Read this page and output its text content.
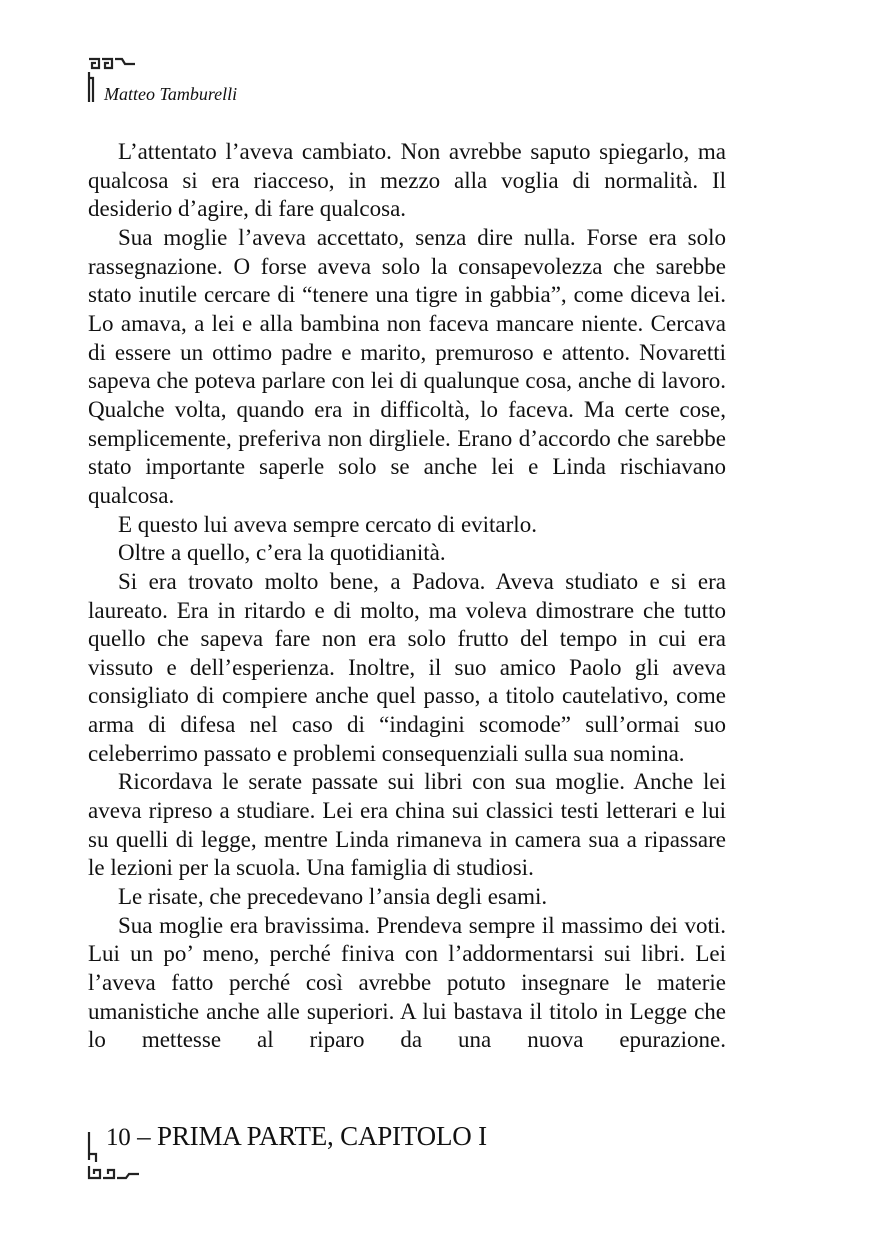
Matteo Tamburelli

L’attentato l’aveva cambiato. Non avrebbe saputo spiegarlo, ma qualcosa si era riacceso, in mezzo alla voglia di normalità. Il desiderio d’agire, di fare qualcosa.

Sua moglie l’aveva accettato, senza dire nulla. Forse era solo rassegnazione. O forse aveva solo la consapevolezza che sarebbe stato inutile cercare di “tenere una tigre in gabbia”, come diceva lei. Lo amava, a lei e alla bambina non faceva mancare niente. Cercava di essere un ottimo padre e marito, premuroso e attento. Novaretti sapeva che poteva parlare con lei di qualunque cosa, anche di lavoro. Qualche volta, quando era in difficoltà, lo faceva. Ma certe cose, semplicemente, preferiva non dirgliele. Erano d’accordo che sarebbe stato importante saperle solo se anche lei e Linda rischiavano qualcosa.

E questo lui aveva sempre cercato di evitarlo.

Oltre a quello, c’era la quotidianità.

Si era trovato molto bene, a Padova. Aveva studiato e si era laureato. Era in ritardo e di molto, ma voleva dimostrare che tutto quello che sapeva fare non era solo frutto del tempo in cui era vissuto e dell’esperienza. Inoltre, il suo amico Paolo gli aveva consigliato di compiere anche quel passo, a titolo cautelativo, come arma di difesa nel caso di “indagini scomode” sull’ormai suo celeberrimo passato e problemi consequenziali sulla sua nomina.

Ricordava le serate passate sui libri con sua moglie. Anche lei aveva ripreso a studiare. Lei era china sui classici testi letterari e lui su quelli di legge, mentre Linda rimaneva in camera sua a ripassare le lezioni per la scuola. Una famiglia di studiosi.

Le risate, che precedevano l’ansia degli esami.

Sua moglie era bravissima. Prendeva sempre il massimo dei voti. Lui un po’ meno, perché finiva con l’addormentarsi sui libri. Lei l’aveva fatto perché così avrebbe potuto insegnare le materie umanistiche anche alle superiori. A lui bastava il titolo in Legge che lo mettesse al riparo da una nuova epurazione.

10 – PRIMA PARTE, CAPITOLO I
